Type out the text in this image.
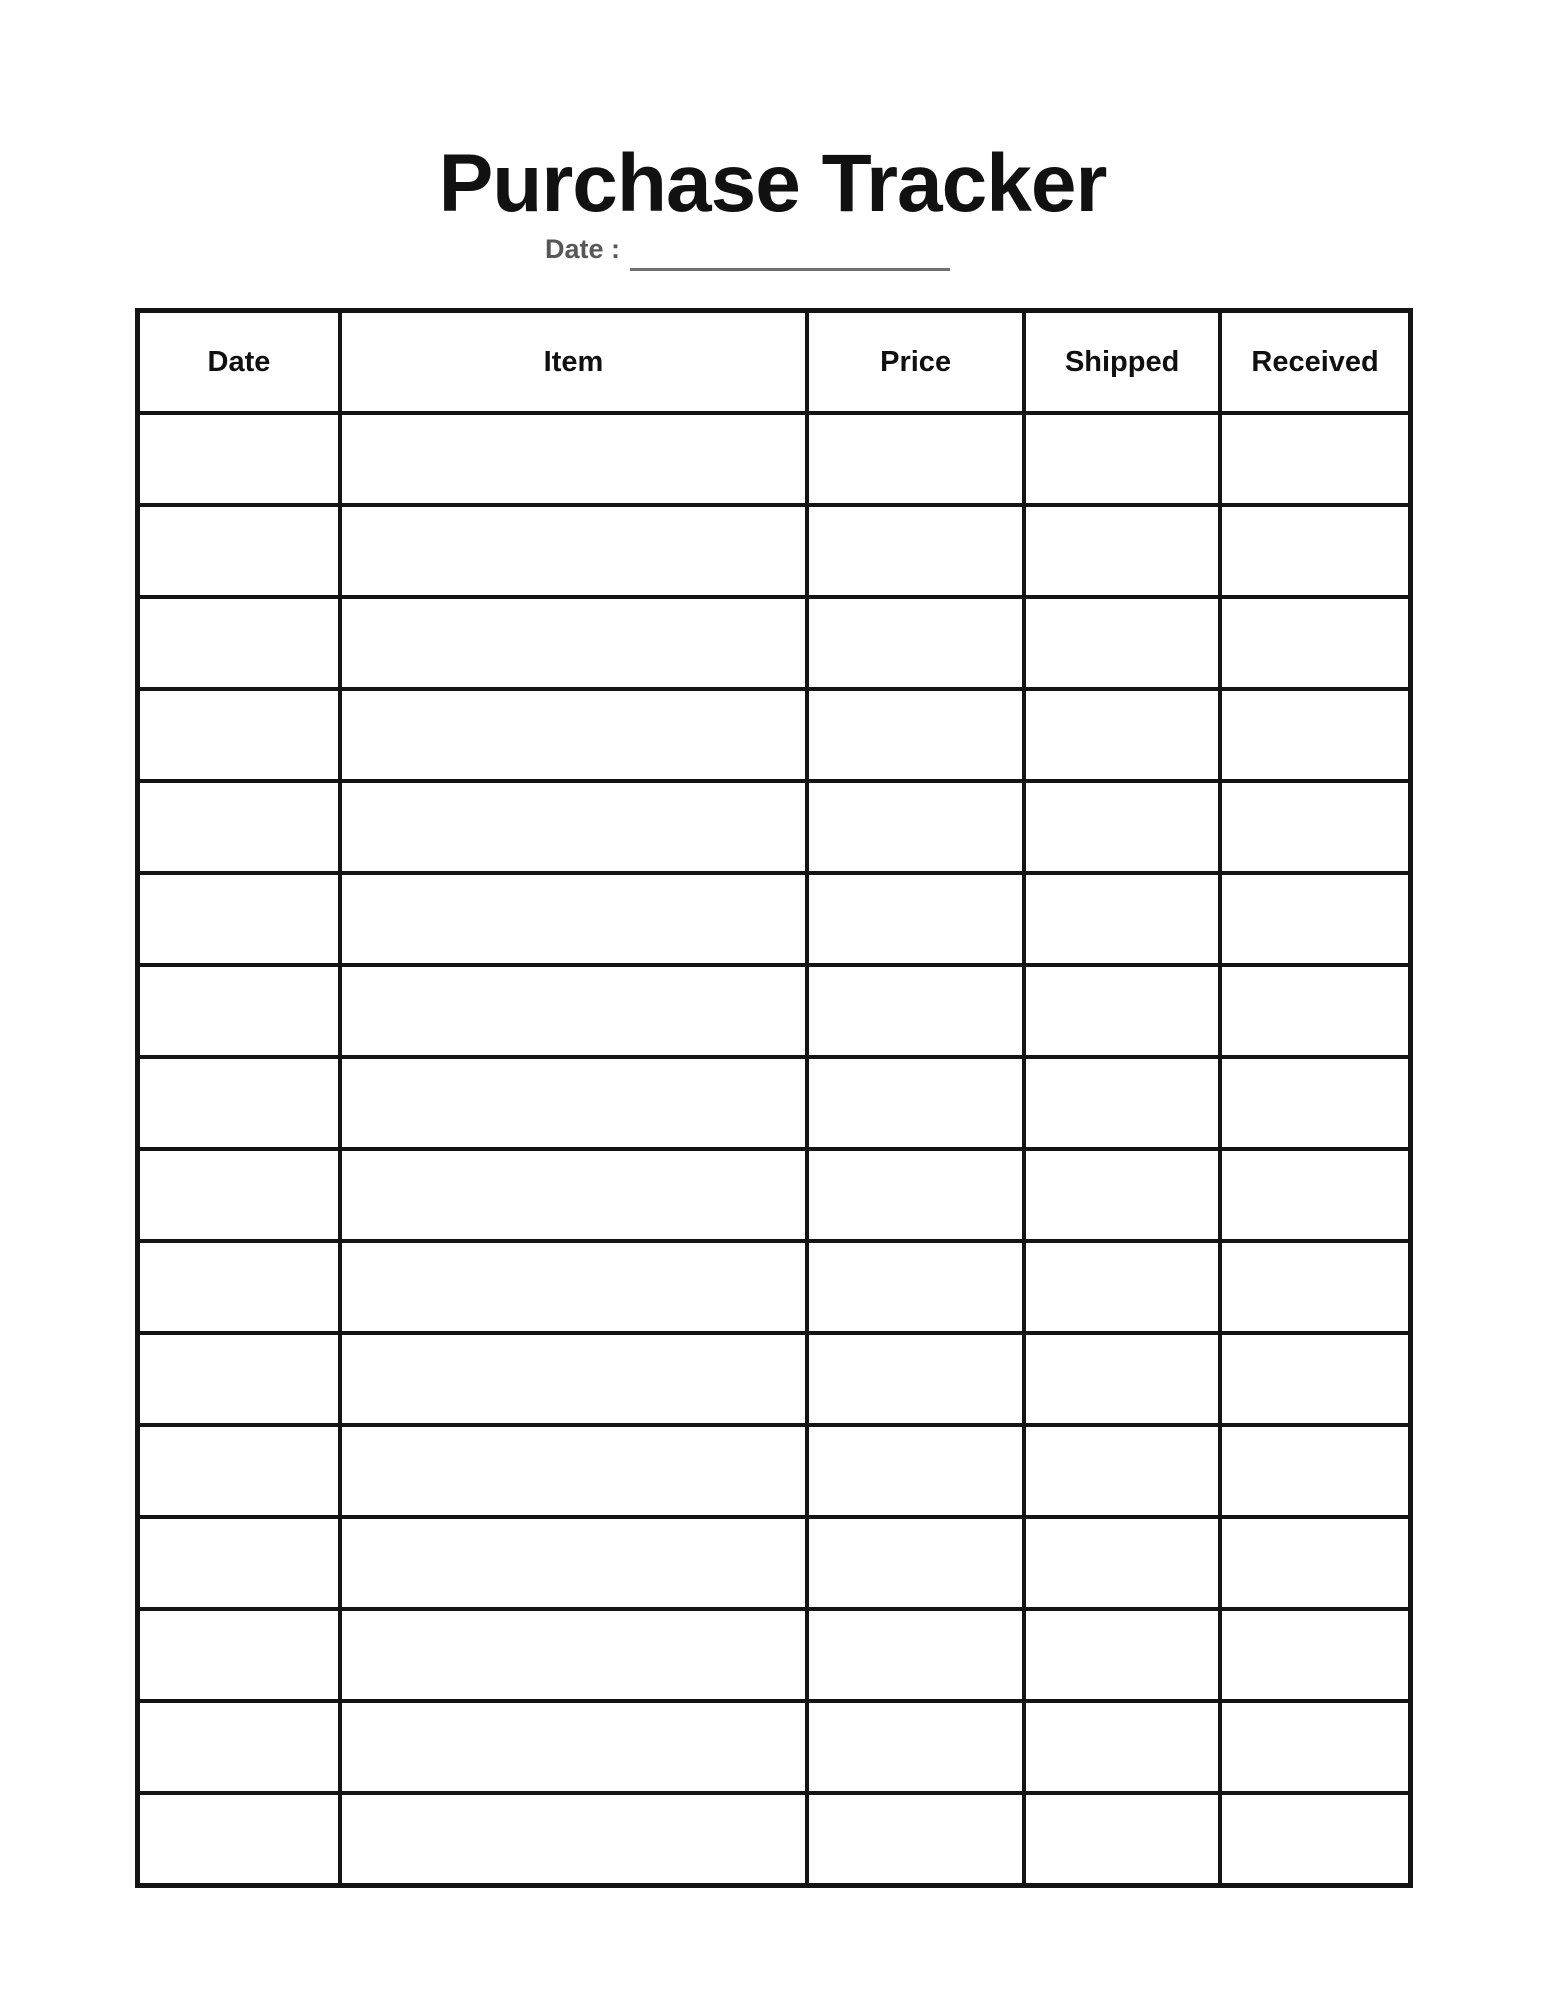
Purchase Tracker
Date :
Date	Item	Price	Shipped	Received
